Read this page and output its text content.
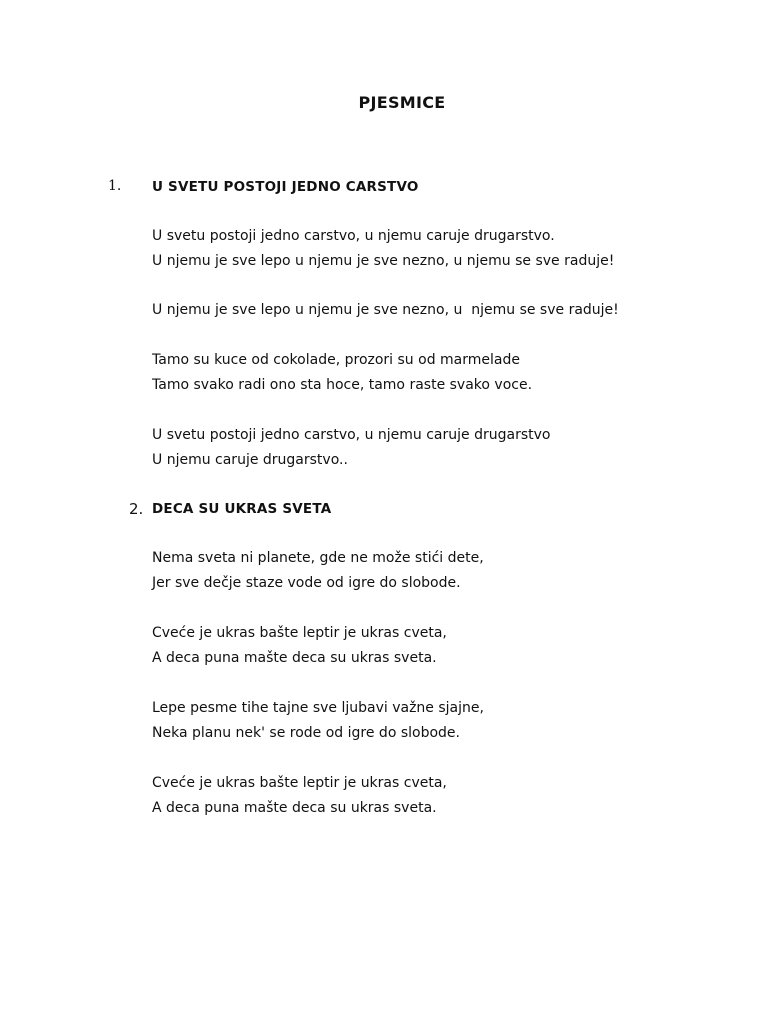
PJESMICE
1. U SVETU POSTOJI JEDNO CARSTVO
U svetu postoji jedno carstvo, u njemu caruje drugarstvo.
U njemu je sve lepo u njemu je sve nezno, u njemu se sve raduje!
U njemu je sve lepo u njemu je sve nezno, u  njemu se sve raduje!
Tamo su kuce od cokolade, prozori su od marmelade
Tamo svako radi ono sta hoce, tamo raste svako voce.
U svetu postoji jedno carstvo, u njemu caruje drugarstvo
U njemu caruje drugarstvo..
2. DECA SU UKRAS SVETA
Nema sveta ni planete, gde ne može stići dete,
Jer sve dečje staze vode od igre do slobode.
Cveće je ukras bašte leptir je ukras cveta,
A deca puna mašte deca su ukras sveta.
Lepe pesme tihe tajne sve ljubavi važne sjajne,
Neka planu nek' se rode od igre do slobode.
Cveće je ukras bašte leptir je ukras cveta,
A deca puna mašte deca su ukras sveta.
